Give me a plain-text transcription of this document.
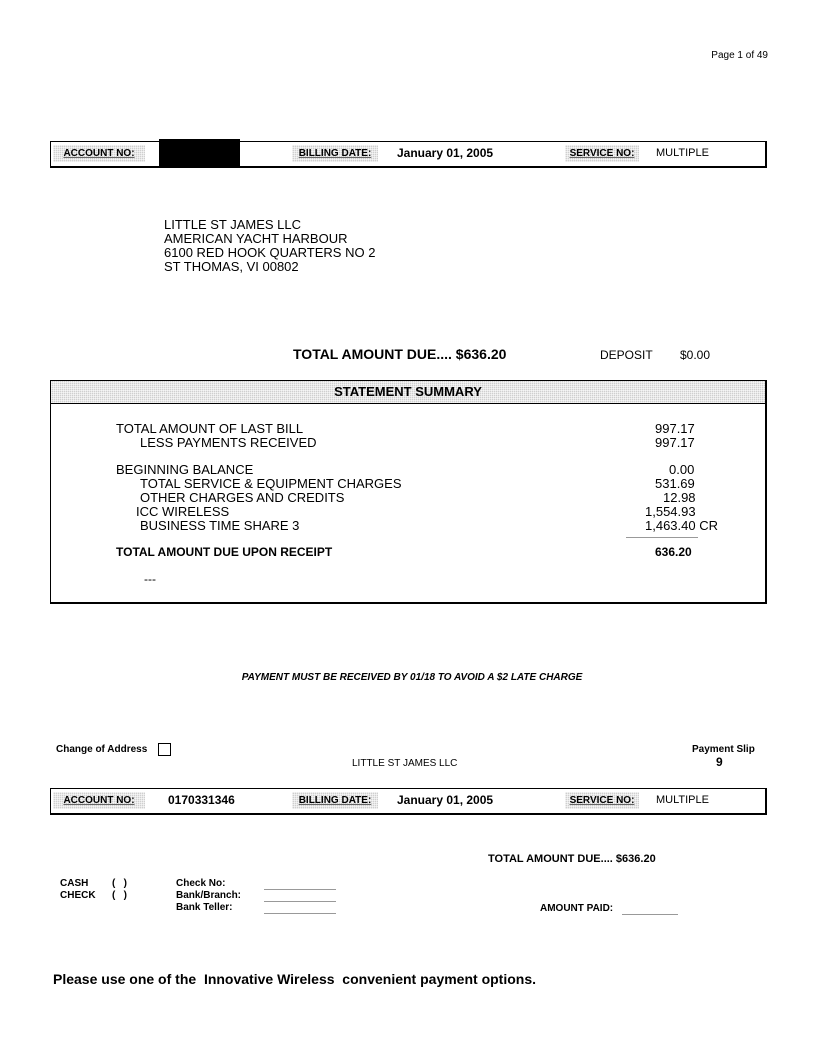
Page 1 of 49
ACCOUNT NO:	BILLING DATE:	January 01, 2005	SERVICE NO:	MULTIPLE
LITTLE ST JAMES LLC
AMERICAN YACHT HARBOUR
6100 RED HOOK QUARTERS NO 2
ST THOMAS, VI 00802
TOTAL AMOUNT DUE.... $636.20	DEPOSIT $0.00
STATEMENT SUMMARY
TOTAL AMOUNT OF LAST BILL	997.17
LESS PAYMENTS RECEIVED	997.17
BEGINNING BALANCE	0.00
TOTAL SERVICE & EQUIPMENT CHARGES	531.69
OTHER CHARGES AND CREDITS	12.98
ICC WIRELESS	1,554.93
BUSINESS TIME SHARE 3	1,463.40 CR
TOTAL AMOUNT DUE UPON RECEIPT	636.20
---
PAYMENT MUST BE RECEIVED BY 01/18 TO AVOID A $2 LATE CHARGE
Change of Address	Payment Slip
9
LITTLE ST JAMES LLC
ACCOUNT NO:	0170331346	BILLING DATE:	January 01, 2005	SERVICE NO:	MULTIPLE
TOTAL AMOUNT DUE.... $636.20
CASH (   )
CHECK (   )
Check No:
Bank/Branch:
Bank Teller:	AMOUNT PAID:
Please use one of the  Innovative Wireless  convenient payment options.
